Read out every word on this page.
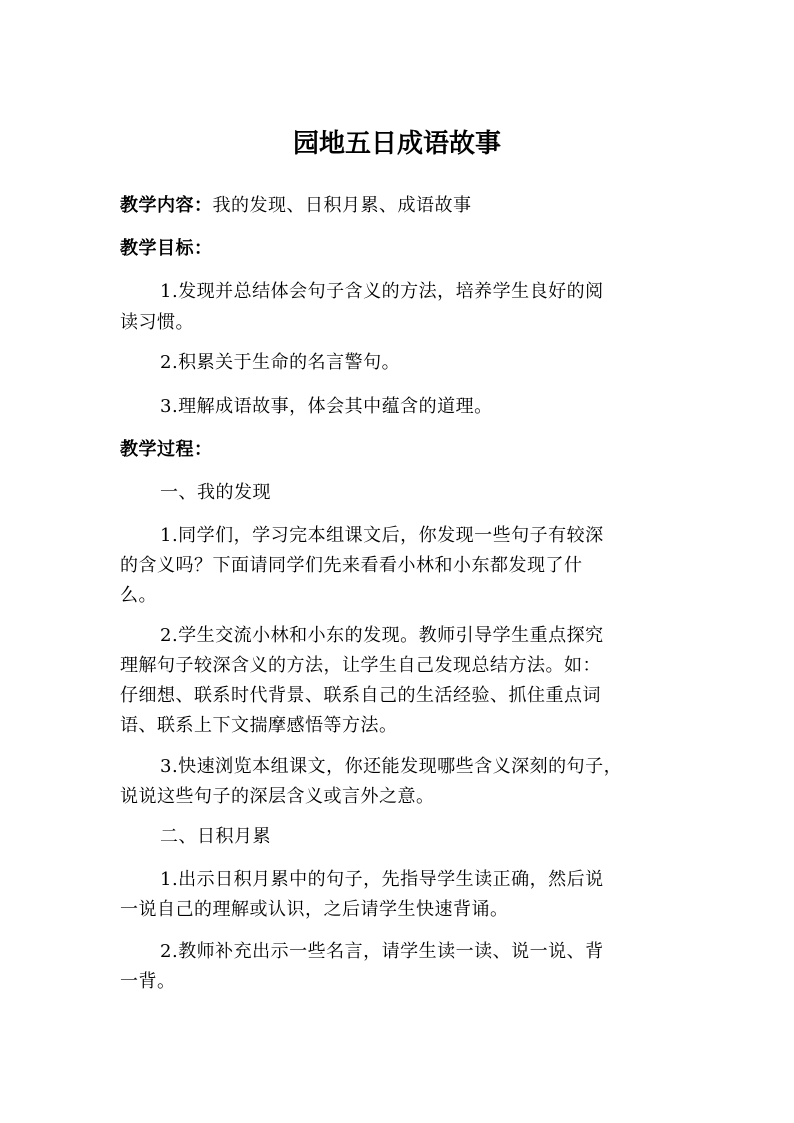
园地五日成语故事
教学内容：我的发现、日积月累、成语故事
教学目标：
1.发现并总结体会句子含义的方法，培养学生良好的阅
读习惯。
2.积累关于生命的名言警句。
3.理解成语故事，体会其中蕴含的道理。
教学过程：
一、我的发现
1.同学们，学习完本组课文后，你发现一些句子有较深
的含义吗？下面请同学们先来看看小林和小东都发现了什
么。
2.学生交流小林和小东的发现。教师引导学生重点探究
理解句子较深含义的方法，让学生自己发现总结方法。如：
仔细想、联系时代背景、联系自己的生活经验、抓住重点词
语、联系上下文揣摩感悟等方法。
3.快速浏览本组课文，你还能发现哪些含义深刻的句子，
说说这些句子的深层含义或言外之意。
二、日积月累
1.出示日积月累中的句子，先指导学生读正确，然后说
一说自己的理解或认识，之后请学生快速背诵。
2.教师补充出示一些名言，请学生读一读、说一说、背
一背。
